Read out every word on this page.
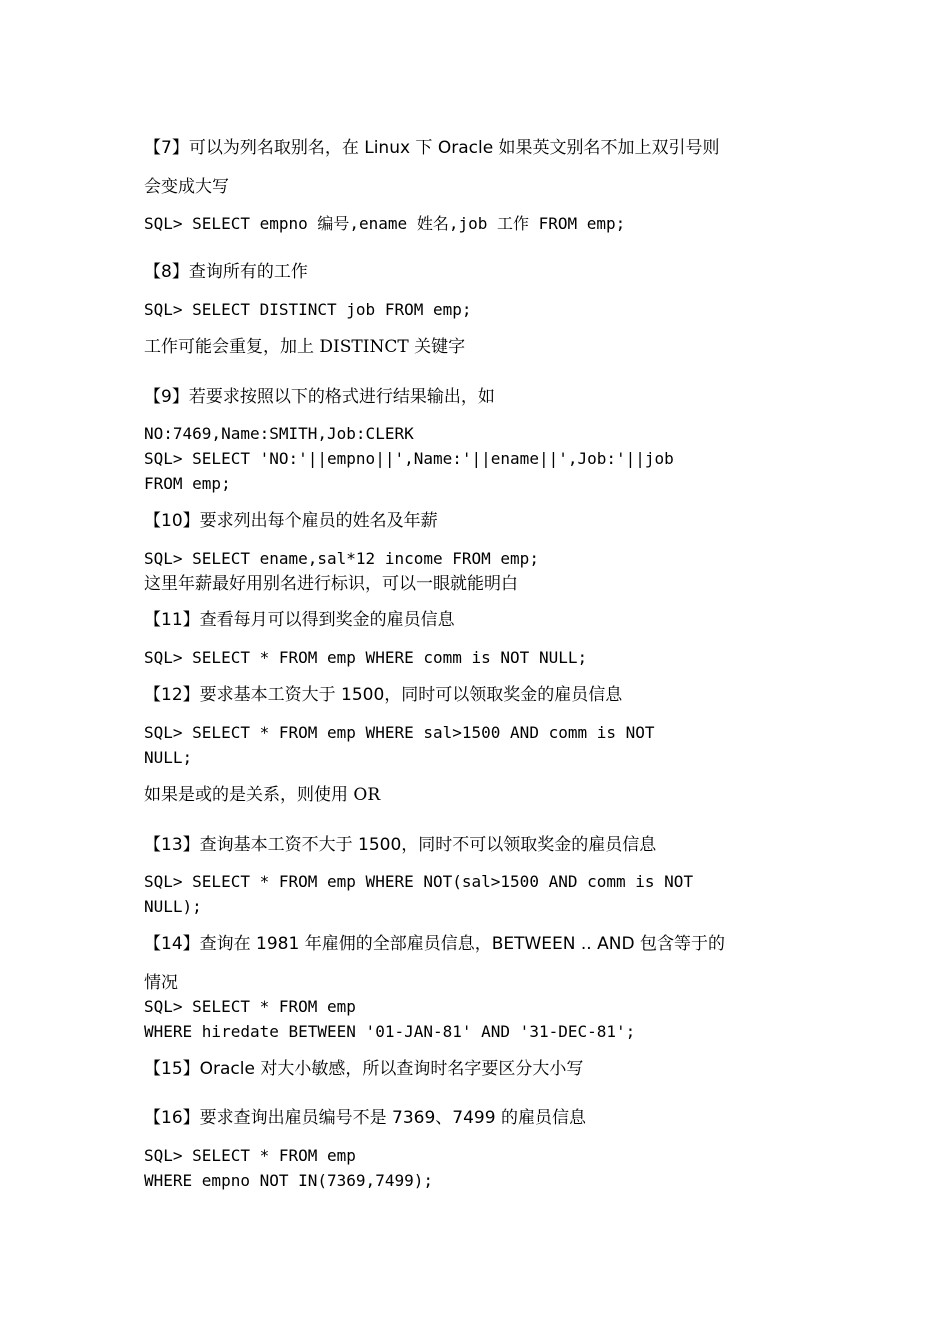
【7】可以为列名取别名，在 Linux 下 Oracle 如果英文别名不加上双引号则
会变成大写
SQL> SELECT empno 编号,ename 姓名,job 工作 FROM emp;
【8】查询所有的工作
SQL> SELECT DISTINCT job FROM emp;
工作可能会重复，加上 DISTINCT 关键字
【9】若要求按照以下的格式进行结果输出，如
NO:7469,Name:SMITH,Job:CLERK
SQL> SELECT 'NO:'||empno||',Name:'||ename||',Job:'||job
FROM emp;
【10】要求列出每个雇员的姓名及年薪
SQL> SELECT ename,sal*12 income FROM emp;
这里年薪最好用别名进行标识，可以一眼就能明白
【11】查看每月可以得到奖金的雇员信息
SQL> SELECT * FROM emp WHERE comm is NOT NULL;
【12】要求基本工资大于 1500，同时可以领取奖金的雇员信息
SQL> SELECT * FROM emp WHERE sal>1500 AND comm is NOT
NULL;
如果是或的是关系，则使用 OR
【13】查询基本工资不大于 1500，同时不可以领取奖金的雇员信息
SQL> SELECT * FROM emp WHERE NOT(sal>1500 AND comm is NOT
NULL);
【14】查询在 1981 年雇佣的全部雇员信息，BETWEEN .. AND 包含等于的
情况
SQL> SELECT * FROM emp
WHERE hiredate BETWEEN '01-JAN-81' AND '31-DEC-81';
【15】Oracle 对大小敏感，所以查询时名字要区分大小写
【16】要求查询出雇员编号不是 7369、7499 的雇员信息
SQL> SELECT * FROM emp
WHERE empno NOT IN(7369,7499);
